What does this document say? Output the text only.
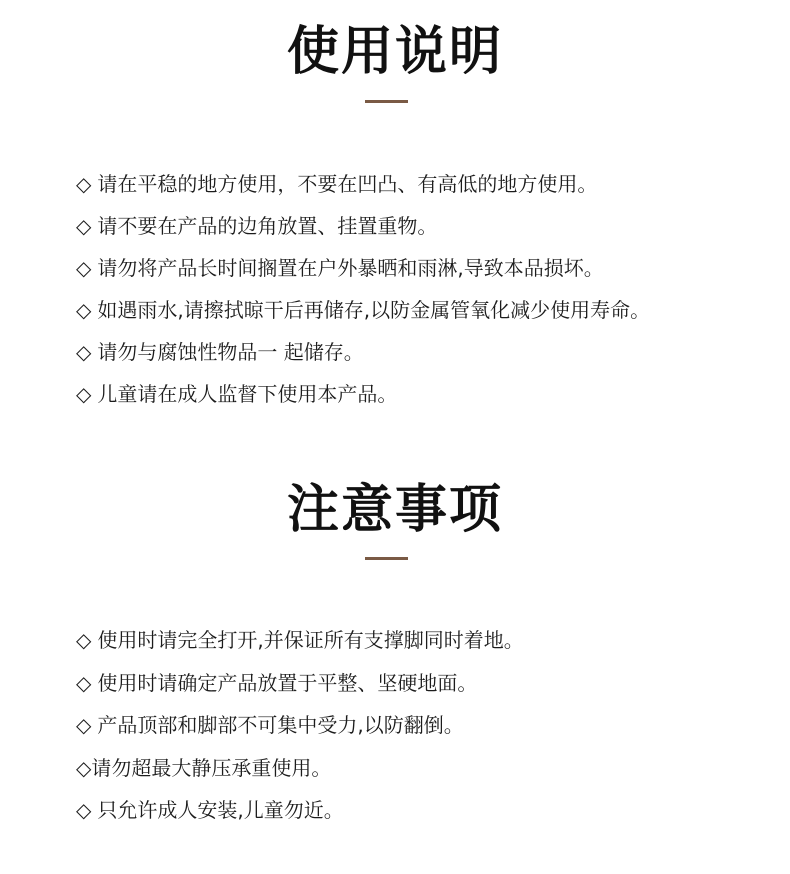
使用说明
◇ 请在平稳的地方使用，不要在凹凸、有高低的地方使用。
◇ 请不要在产品的边角放置、挂置重物。
◇ 请勿将产品长时间搁置在户外暴晒和雨淋,导致本品损坏。
◇ 如遇雨水,请擦拭晾干后再储存,以防金属管氧化减少使用寿命。
◇ 请勿与腐蚀性物品一 起储存。
◇ 儿童请在成人监督下使用本产品。
注意事项
◇ 使用时请完全打开,并保证所有支撑脚同时着地。
◇ 使用时请确定产品放置于平整、坚硬地面。
◇ 产品顶部和脚部不可集中受力,以防翻倒。
◇请勿超最大静压承重使用。
◇ 只允许成人安装,儿童勿近。
